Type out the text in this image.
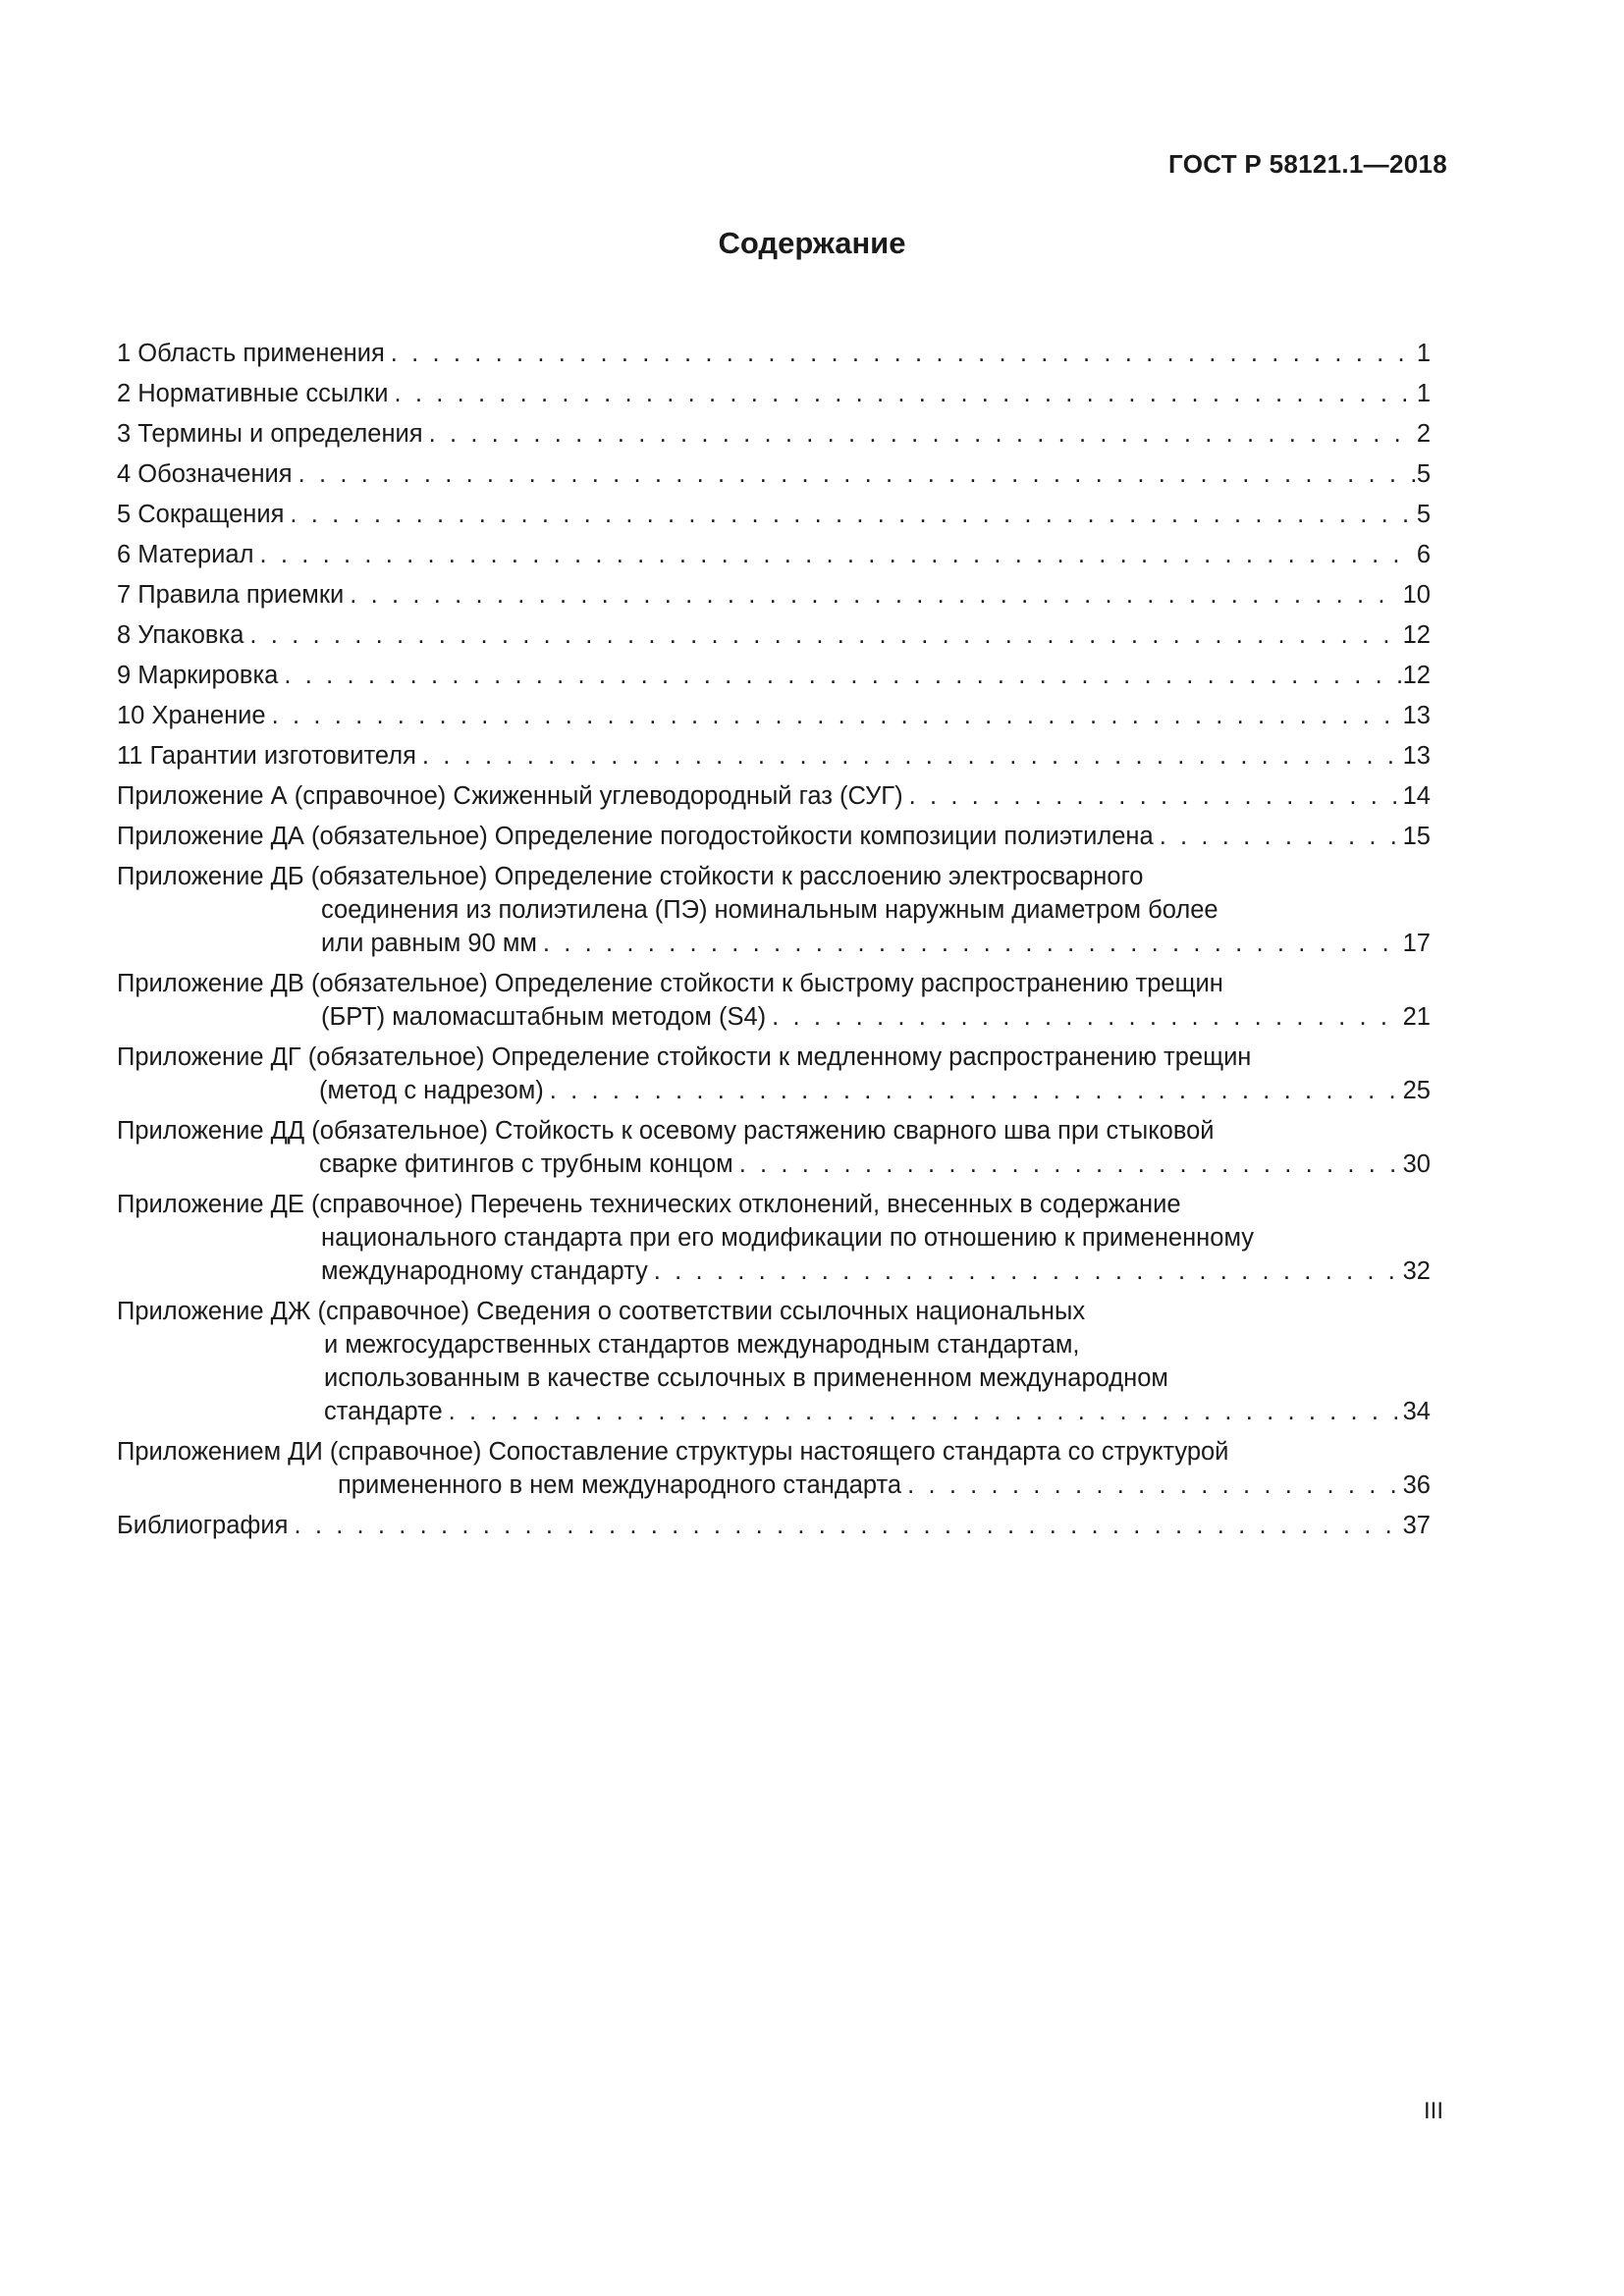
ГОСТ Р 58121.1—2018
Содержание
1 Область применения . . .	1
2 Нормативные ссылки . . .	1
3 Термины и определения . . .	2
4 Обозначения . . .	5
5 Сокращения . . .	5
6 Материал . . .	6
7 Правила приемки . . .	10
8 Упаковка . . .	12
9 Маркировка . . .	12
10 Хранение . . .	13
11 Гарантии изготовителя . . .	13
Приложение А (справочное) Сжиженный углеводородный газ (СУГ) . . .	14
Приложение ДА (обязательное) Определение погодостойкости композиции полиэтилена . . .	15
Приложение ДБ (обязательное) Определение стойкости к расслоению электросварного
соединения из полиэтилена (ПЭ) номинальным наружным диаметром более
или равным 90 мм . . .	17
Приложение ДВ (обязательное) Определение стойкости к быстрому распространению трещин
(БРТ) маломасштабным методом (S4) . . .	21
Приложение ДГ (обязательное) Определение стойкости к медленному распространению трещин
(метод с надрезом) . . .	25
Приложение ДД (обязательное) Стойкость к осевому растяжению сварного шва при стыковой
сварке фитингов с трубным концом . . .	30
Приложение ДЕ (справочное) Перечень технических отклонений, внесенных в содержание
национального стандарта при его модификации по отношению к примененному
международному стандарту . . .	32
Приложение ДЖ (справочное) Сведения о соответствии ссылочных национальных
и межгосударственных стандартов международным стандартам,
использованным в качестве ссылочных в примененном международном
стандарте . . .	34
Приложением ДИ (справочное) Сопоставление структуры настоящего стандарта со структурой
примененного в нем международного стандарта . . .	36
Библиография . . .	37
III
